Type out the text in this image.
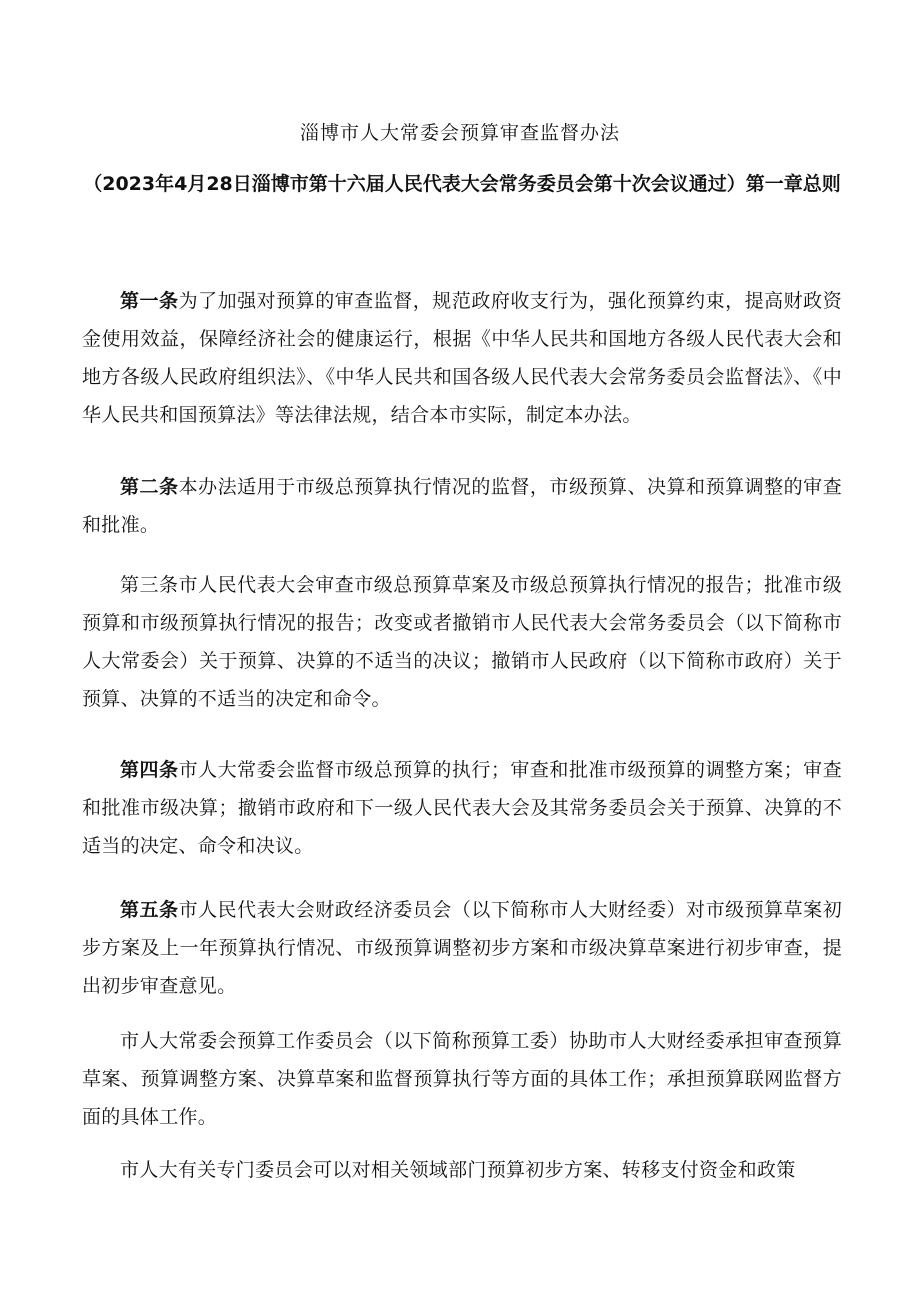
淄博市人大常委会预算审查监督办法
（2023年4月28日淄博市第十六届人民代表大会常务委员会第十次会议通过）第一章总则

第一条为了加强对预算的审查监督，规范政府收支行为，强化预算约束，提高财政资金使用效益，保障经济社会的健康运行，根据《中华人民共和国地方各级人民代表大会和地方各级人民政府组织法》、《中华人民共和国各级人民代表大会常务委员会监督法》、《中华人民共和国预算法》等法律法规，结合本市实际，制定本办法。

第二条本办法适用于市级总预算执行情况的监督，市级预算、决算和预算调整的审查和批准。

第三条市人民代表大会审查市级总预算草案及市级总预算执行情况的报告；批准市级预算和市级预算执行情况的报告；改变或者撤销市人民代表大会常务委员会（以下简称市人大常委会）关于预算、决算的不适当的决议；撤销市人民政府（以下简称市政府）关于预算、决算的不适当的决定和命令。

第四条市人大常委会监督市级总预算的执行；审查和批准市级预算的调整方案；审查和批准市级决算；撤销市政府和下一级人民代表大会及其常务委员会关于预算、决算的不适当的决定、命令和决议。

第五条市人民代表大会财政经济委员会（以下简称市人大财经委）对市级预算草案初步方案及上一年预算执行情况、市级预算调整初步方案和市级决算草案进行初步审查，提出初步审查意见。

市人大常委会预算工作委员会（以下简称预算工委）协助市人大财经委承担审查预算草案、预算调整方案、决算草案和监督预算执行等方面的具体工作；承担预算联网监督方面的具体工作。

市人大有关专门委员会可以对相关领域部门预算初步方案、转移支付资金和政策
